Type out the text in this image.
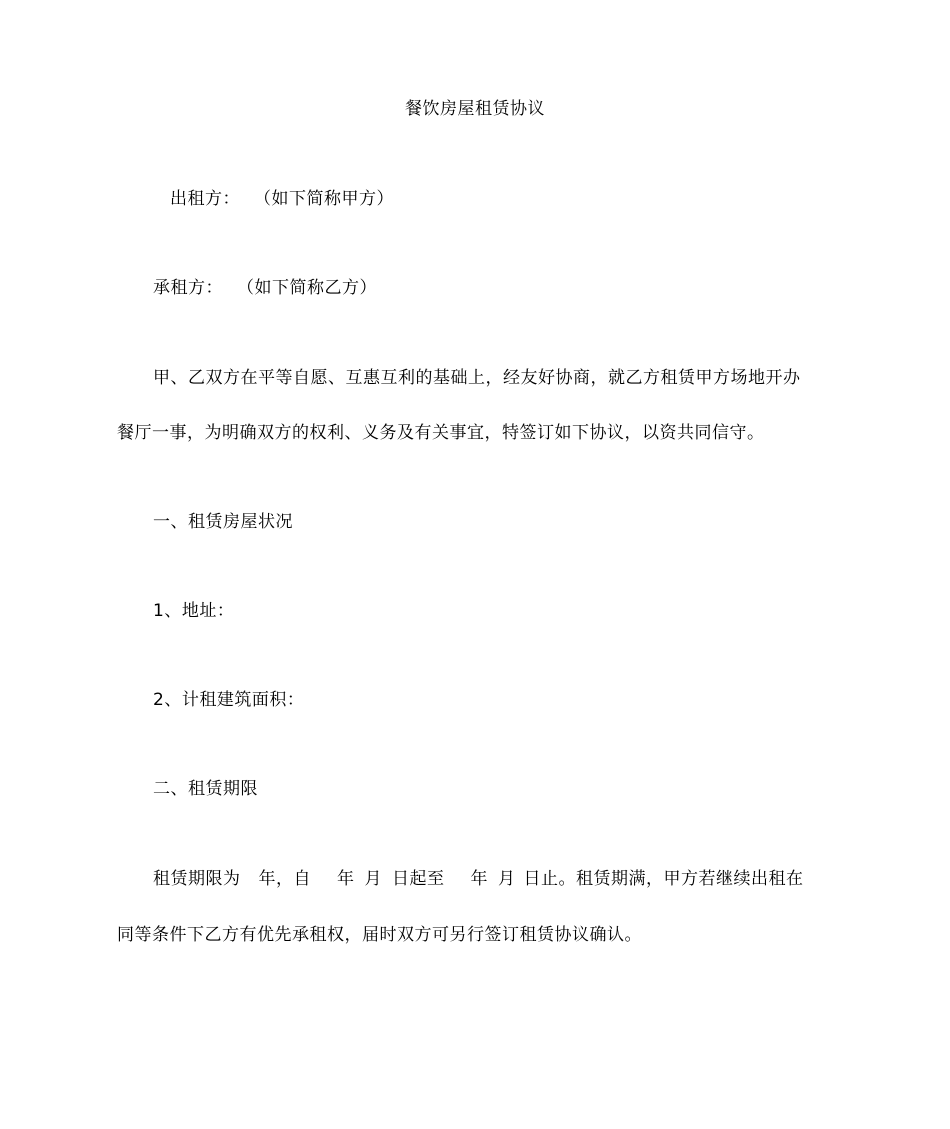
餐饮房屋租赁协议
出租方： （如下简称甲方）
承租方： （如下简称乙方）
甲、乙双方在平等自愿、互惠互利的基础上，经友好协商，就乙方租赁甲方场地开办
餐厅一事，为明确双方的权利、义务及有关事宜，特签订如下协议，以资共同信守。
一、租赁房屋状况
1、地址：
2、计租建筑面积：
二、租赁期限
租赁期限为 年，自 年 月 日起至 年 月 日止。租赁期满，甲方若继续出租在
同等条件下乙方有优先承租权，届时双方可另行签订租赁协议确认。
